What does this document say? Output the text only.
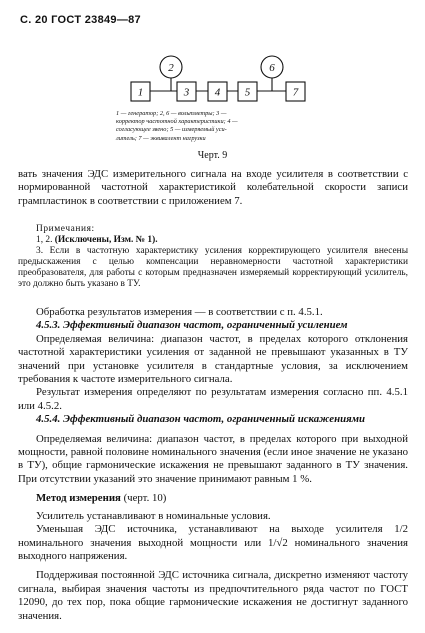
С. 20 ГОСТ 23849—87
2	6
1	3 4 5	7

1 — генератор; 2, 6 — вольтметры; 3 —

корректор частотной характеристики; 4 —

согласующее звено; 5 — измеряемый уси-

литель; 7 — эквивалент нагрузки

Черт. 9

вать значения ЭДС измерительного сигнала на входе усилителя в соответствии с нормированной частотной характеристикой колебательной скорости записи грампластинок в соответствии с приложением 7.

Примечания:

1, 2. (Исключены, Изм. № 1).

3. Если в частотную характеристику усиления корректирующего усилителя внесены предыскажения с целью компенсации неравномерности частотной характеристики преобразователя, для работы с которым предназначен измеряемый корректирующий усилитель, это должно быть указано в ТУ.

Обработка результатов измерения — в соответствии с п. 4.5.1.

4.5.3. Эффективный диапазон частот, ограниченный усилением

Определяемая величина: диапазон частот, в пределах которого отклонения частотной характеристики усиления от заданной не превышают указанных в ТУ значений при установке усилителя в стандартные условия, за исключением требования к частоте измерительного сигнала.

Результат измерения определяют по результатам измерения согласно пп. 4.5.1 или 4.5.2.

4.5.4. Эффективный диапазон частот, ограниченный искажениями

Определяемая величина: диапазон частот, в пределах которого при выходной мощности, равной половине номинального значения (если иное значение не указано в ТУ), общие гармонические искажения не превышают заданного в ТУ значения. При отсутствии указаний это значение принимают равным 1 %.

Метод измерения (черт. 10)

Усилитель устанавливают в номинальные условия.

Уменьшая ЭДС источника, устанавливают на выходе усилителя 1/2 номинального значения выходной мощности или 1/√2 номинального значения выходного напряжения.

Поддерживая постоянной ЭДС источника сигнала, дискретно изменяют частоту сигнала, выбирая значения частоты из предпочтительного ряда частот по ГОСТ 12090, до тех пор, пока общие гармонические искажения не достигнут заданного значения.
